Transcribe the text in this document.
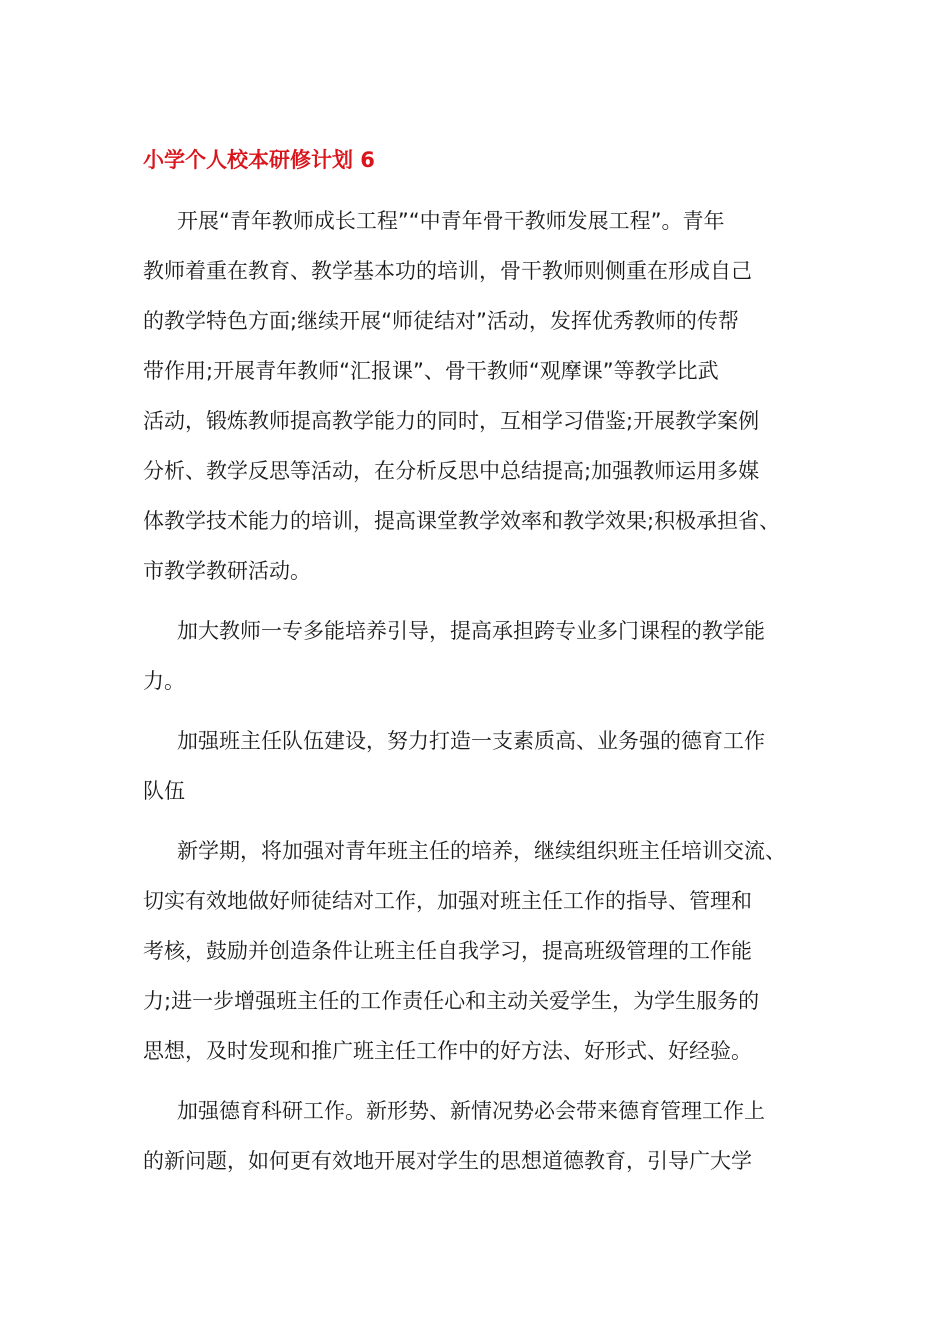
小学个人校本研修计划 6

开展“青年教师成长工程”“中青年骨干教师发展工程”。青年
教师着重在教育、教学基本功的培训，骨干教师则侧重在形成自己
的教学特色方面;继续开展“师徒结对”活动，发挥优秀教师的传帮
带作用;开展青年教师“汇报课”、骨干教师“观摩课”等教学比武
活动，锻炼教师提高教学能力的同时，互相学习借鉴;开展教学案例
分析、教学反思等活动，在分析反思中总结提高;加强教师运用多媒
体教学技术能力的培训，提高课堂教学效率和教学效果;积极承担省、
市教学教研活动。

加大教师一专多能培养引导，提高承担跨专业多门课程的教学能
力。

加强班主任队伍建设，努力打造一支素质高、业务强的德育工作
队伍

新学期，将加强对青年班主任的培养，继续组织班主任培训交流、
切实有效地做好师徒结对工作，加强对班主任工作的指导、管理和
考核，鼓励并创造条件让班主任自我学习，提高班级管理的工作能
力;进一步增强班主任的工作责任心和主动关爱学生，为学生服务的
思想，及时发现和推广班主任工作中的好方法、好形式、好经验。

加强德育科研工作。新形势、新情况势必会带来德育管理工作上
的新问题，如何更有效地开展对学生的思想道德教育，引导广大学
